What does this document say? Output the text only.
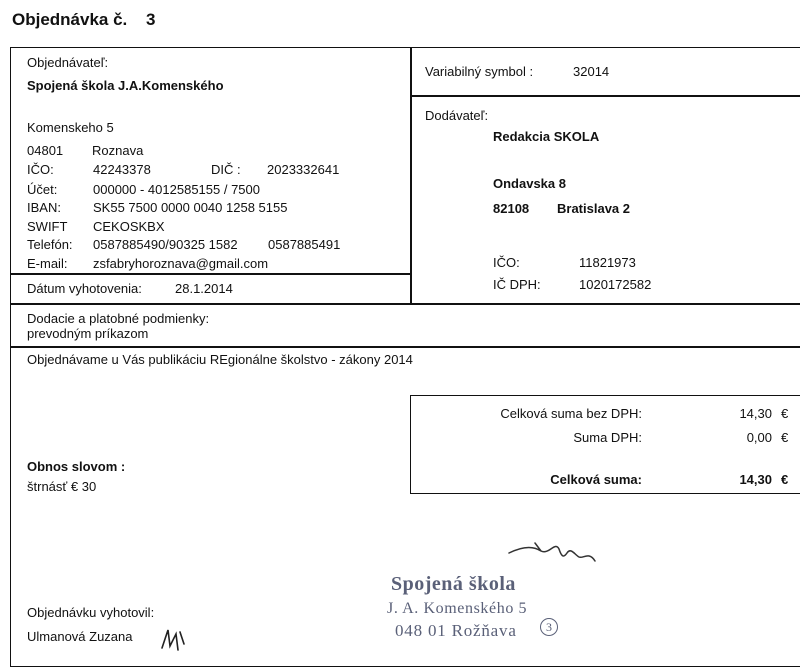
Objednávka č. 3
Objednávateľ:
Spojená škola J.A.Komenského
Komenskeho 5
04801 Roznava
IČO:	42243378	DIČ : 2023332641
Účet:	000000 - 4012585155 / 7500
IBAN: SK55 7500 0000 0040 1258 5155
SWIFT CEKOSKBX
Telefón: 0587885490/90325 1582 0587885491
E-mail: zsfabryhoroznava@gmail.com
Dátum vyhotovenia:	28.1.2014
Variabilný symbol :	32014
Dodávateľ:
Redakcia SKOLA
Ondavska 8
82108 Bratislava 2
IČO:	11821973
IČ DPH:	1020172582
Dodacie a platobné podmienky:
prevodným príkazom
Objednávame u Vás publikáciu REgionálne školstvo - zákony 2014
Celková suma bez DPH:	14,30 €
Suma DPH:	0,00 €
Celková suma:	14,30 €
Obnos slovom :
štrnásť € 30
Objednávku vyhotovil:
Ulmanová Zuzana
Spojená škola
J. A. Komenského 5
048 01 Rožňava	3
